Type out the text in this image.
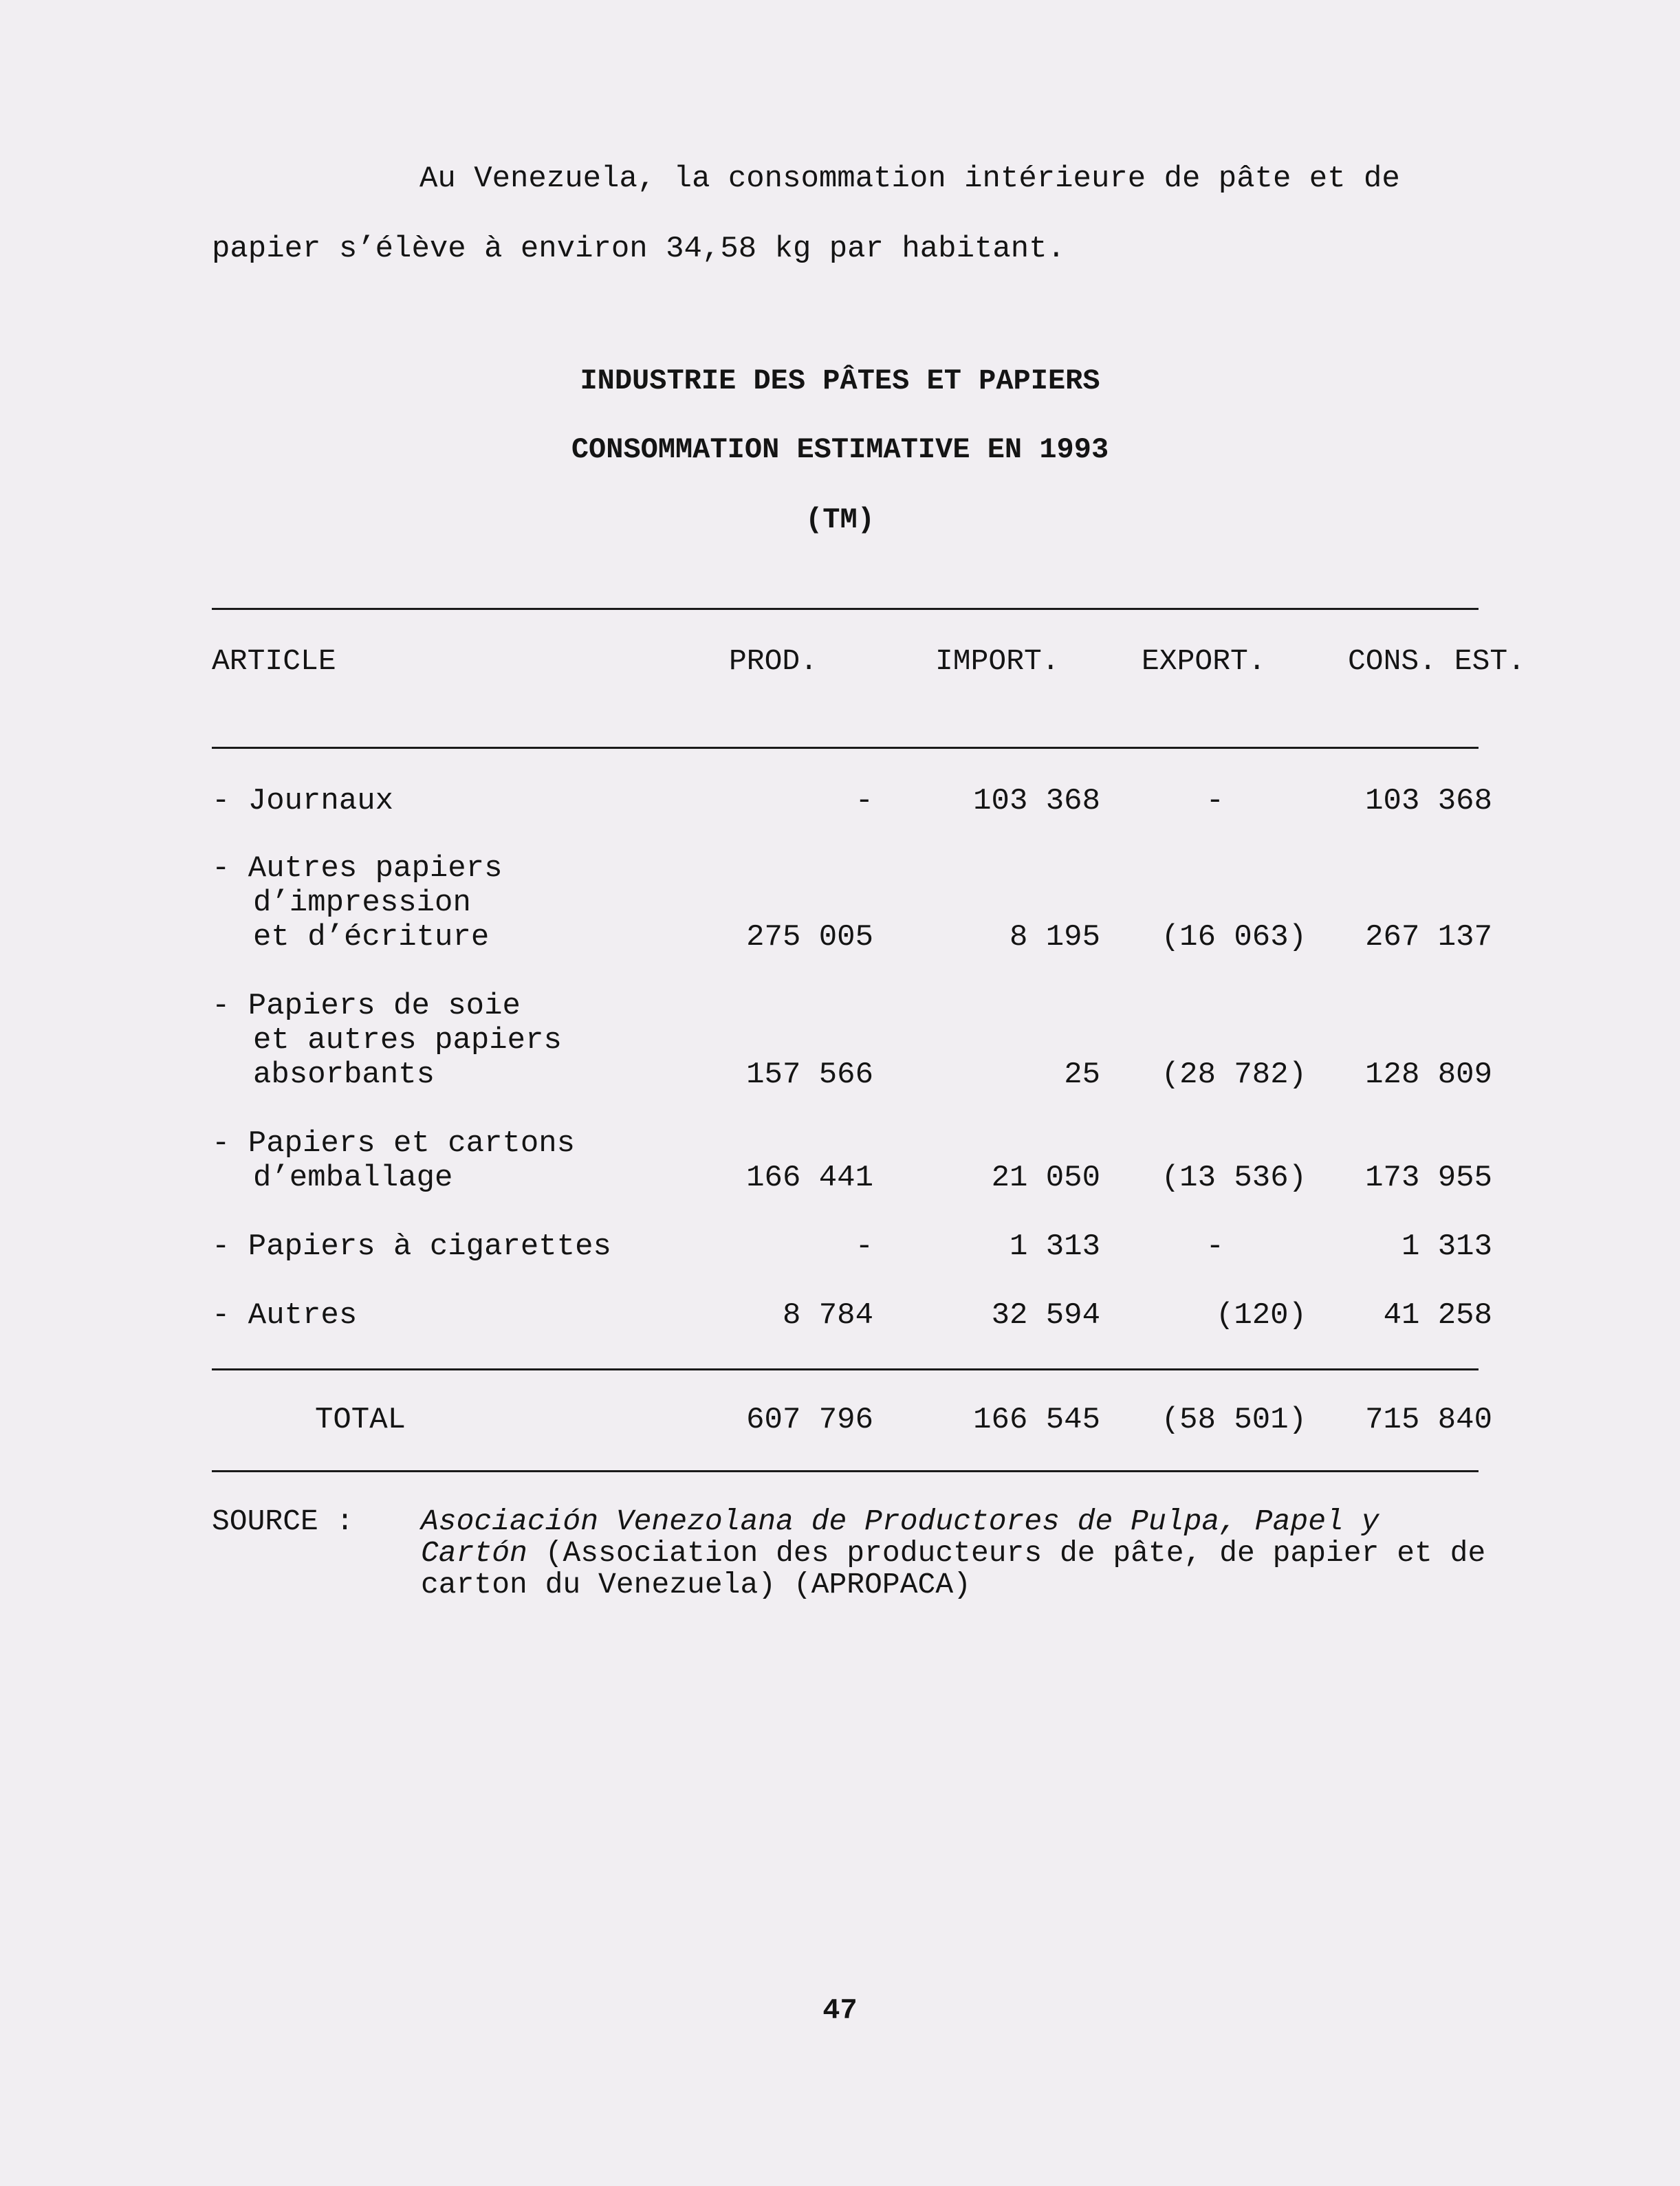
Au Venezuela, la consommation intérieure de pâte et de
papier s’élève à environ 34,58 kg par habitant.
INDUSTRIE DES PÂTES ET PAPIERS
CONSOMMATION ESTIMATIVE EN 1993
(TM)
ARTICLE	PROD.	IMPORT.	EXPORT.	CONS. EST.
- Journaux	-	103 368	-	103 368
- Autres papiers
d’impression
et d’écriture	275 005	8 195	(16 063)	267 137
- Papiers de soie
et autres papiers
absorbants	157 566	25	(28 782)	128 809
- Papiers et cartons
d’emballage	166 441	21 050	(13 536)	173 955
- Papiers à cigarettes	-	1 313	-	1 313
- Autres	8 784	32 594	(120)	41 258
TOTAL	607 796	166 545	(58 501)	715 840
SOURCE : Asociación Venezolana de Productores de Pulpa, Papel y Cartón (Association des producteurs de pâte, de papier et de carton du Venezuela) (APROPACA)
47
